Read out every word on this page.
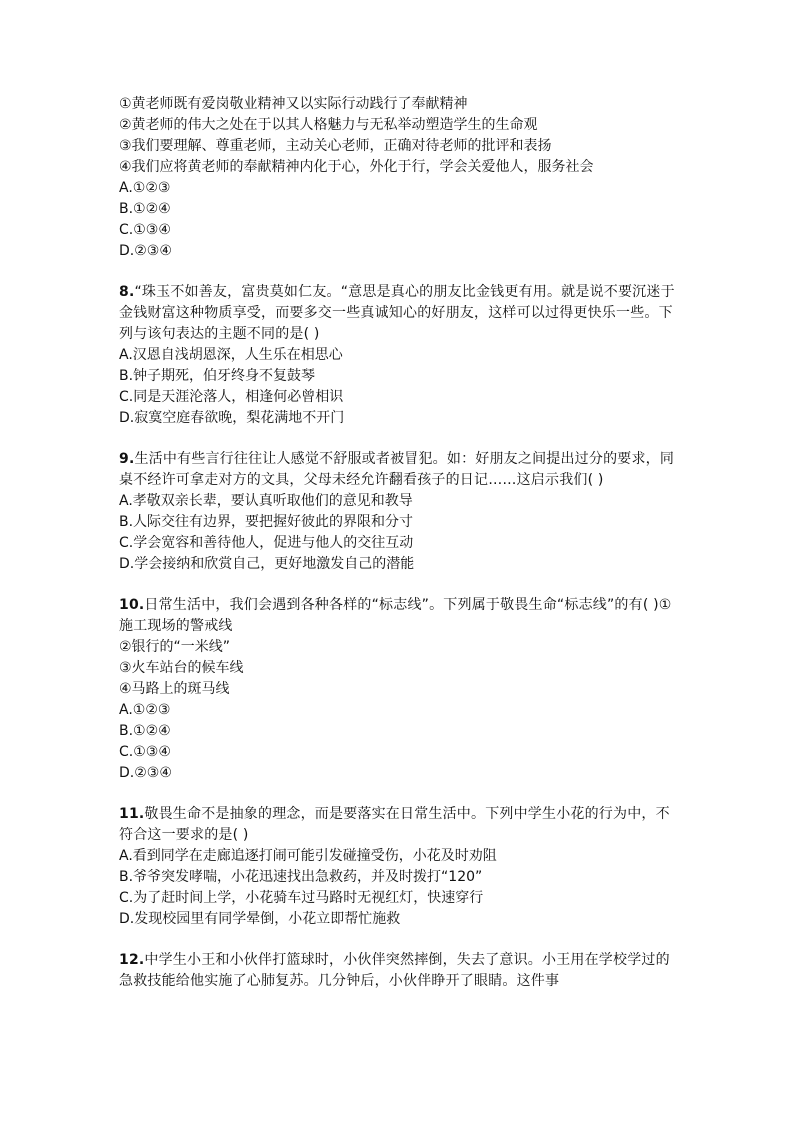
①黄老师既有爱岗敬业精神又以实际行动践行了奉献精神
②黄老师的伟大之处在于以其人格魅力与无私举动塑造学生的生命观
③我们要理解、尊重老师，主动关心老师，正确对待老师的批评和表扬
④我们应将黄老师的奉献精神内化于心，外化于行，学会关爱他人，服务社会
A.①②③
B.①②④
C.①③④
D.②③④

8.“珠玉不如善友，富贵莫如仁友。“意思是真心的朋友比金钱更有用。就是说不要沉迷于金钱财富这种物质享受，而要多交一些真诚知心的好朋友，这样可以过得更快乐一些。下列与该句表达的主题不同的是( )

A.汉恩自浅胡恩深，人生乐在相思心
B.钟子期死，伯牙终身不复鼓琴
C.同是天涯沦落人，相逢何必曾相识
D.寂寞空庭春欲晚，梨花满地不开门

9.生活中有些言行往往让人感觉不舒服或者被冒犯。如：好朋友之间提出过分的要求，同桌不经许可拿走对方的文具，父母未经允许翻看孩子的日记……这启示我们( )

A.孝敬双亲长辈，要认真听取他们的意见和教导
B.人际交往有边界，要把握好彼此的界限和分寸
C.学会宽容和善待他人，促进与他人的交往互动
D.学会接纳和欣赏自己，更好地激发自己的潜能

10.日常生活中，我们会遇到各种各样的“标志线”。下列属于敬畏生命“标志线”的有( )①施工现场的警戒线

②银行的“一米线”
③火车站台的候车线
④马路上的斑马线
A.①②③
B.①②④
C.①③④
D.②③④

11.敬畏生命不是抽象的理念，而是要落实在日常生活中。下列中学生小花的行为中，不符合这一要求的是( )

A.看到同学在走廊追逐打闹可能引发碰撞受伤，小花及时劝阻
B.爷爷突发哮喘，小花迅速找出急救药，并及时拨打“120”
C.为了赶时间上学，小花骑车过马路时无视红灯，快速穿行
D.发现校园里有同学晕倒，小花立即帮忙施救

12.中学生小王和小伙伴打篮球时，小伙伴突然摔倒，失去了意识。小王用在学校学过的急救技能给他实施了心肺复苏。几分钟后，小伙伴睁开了眼睛。这件事
